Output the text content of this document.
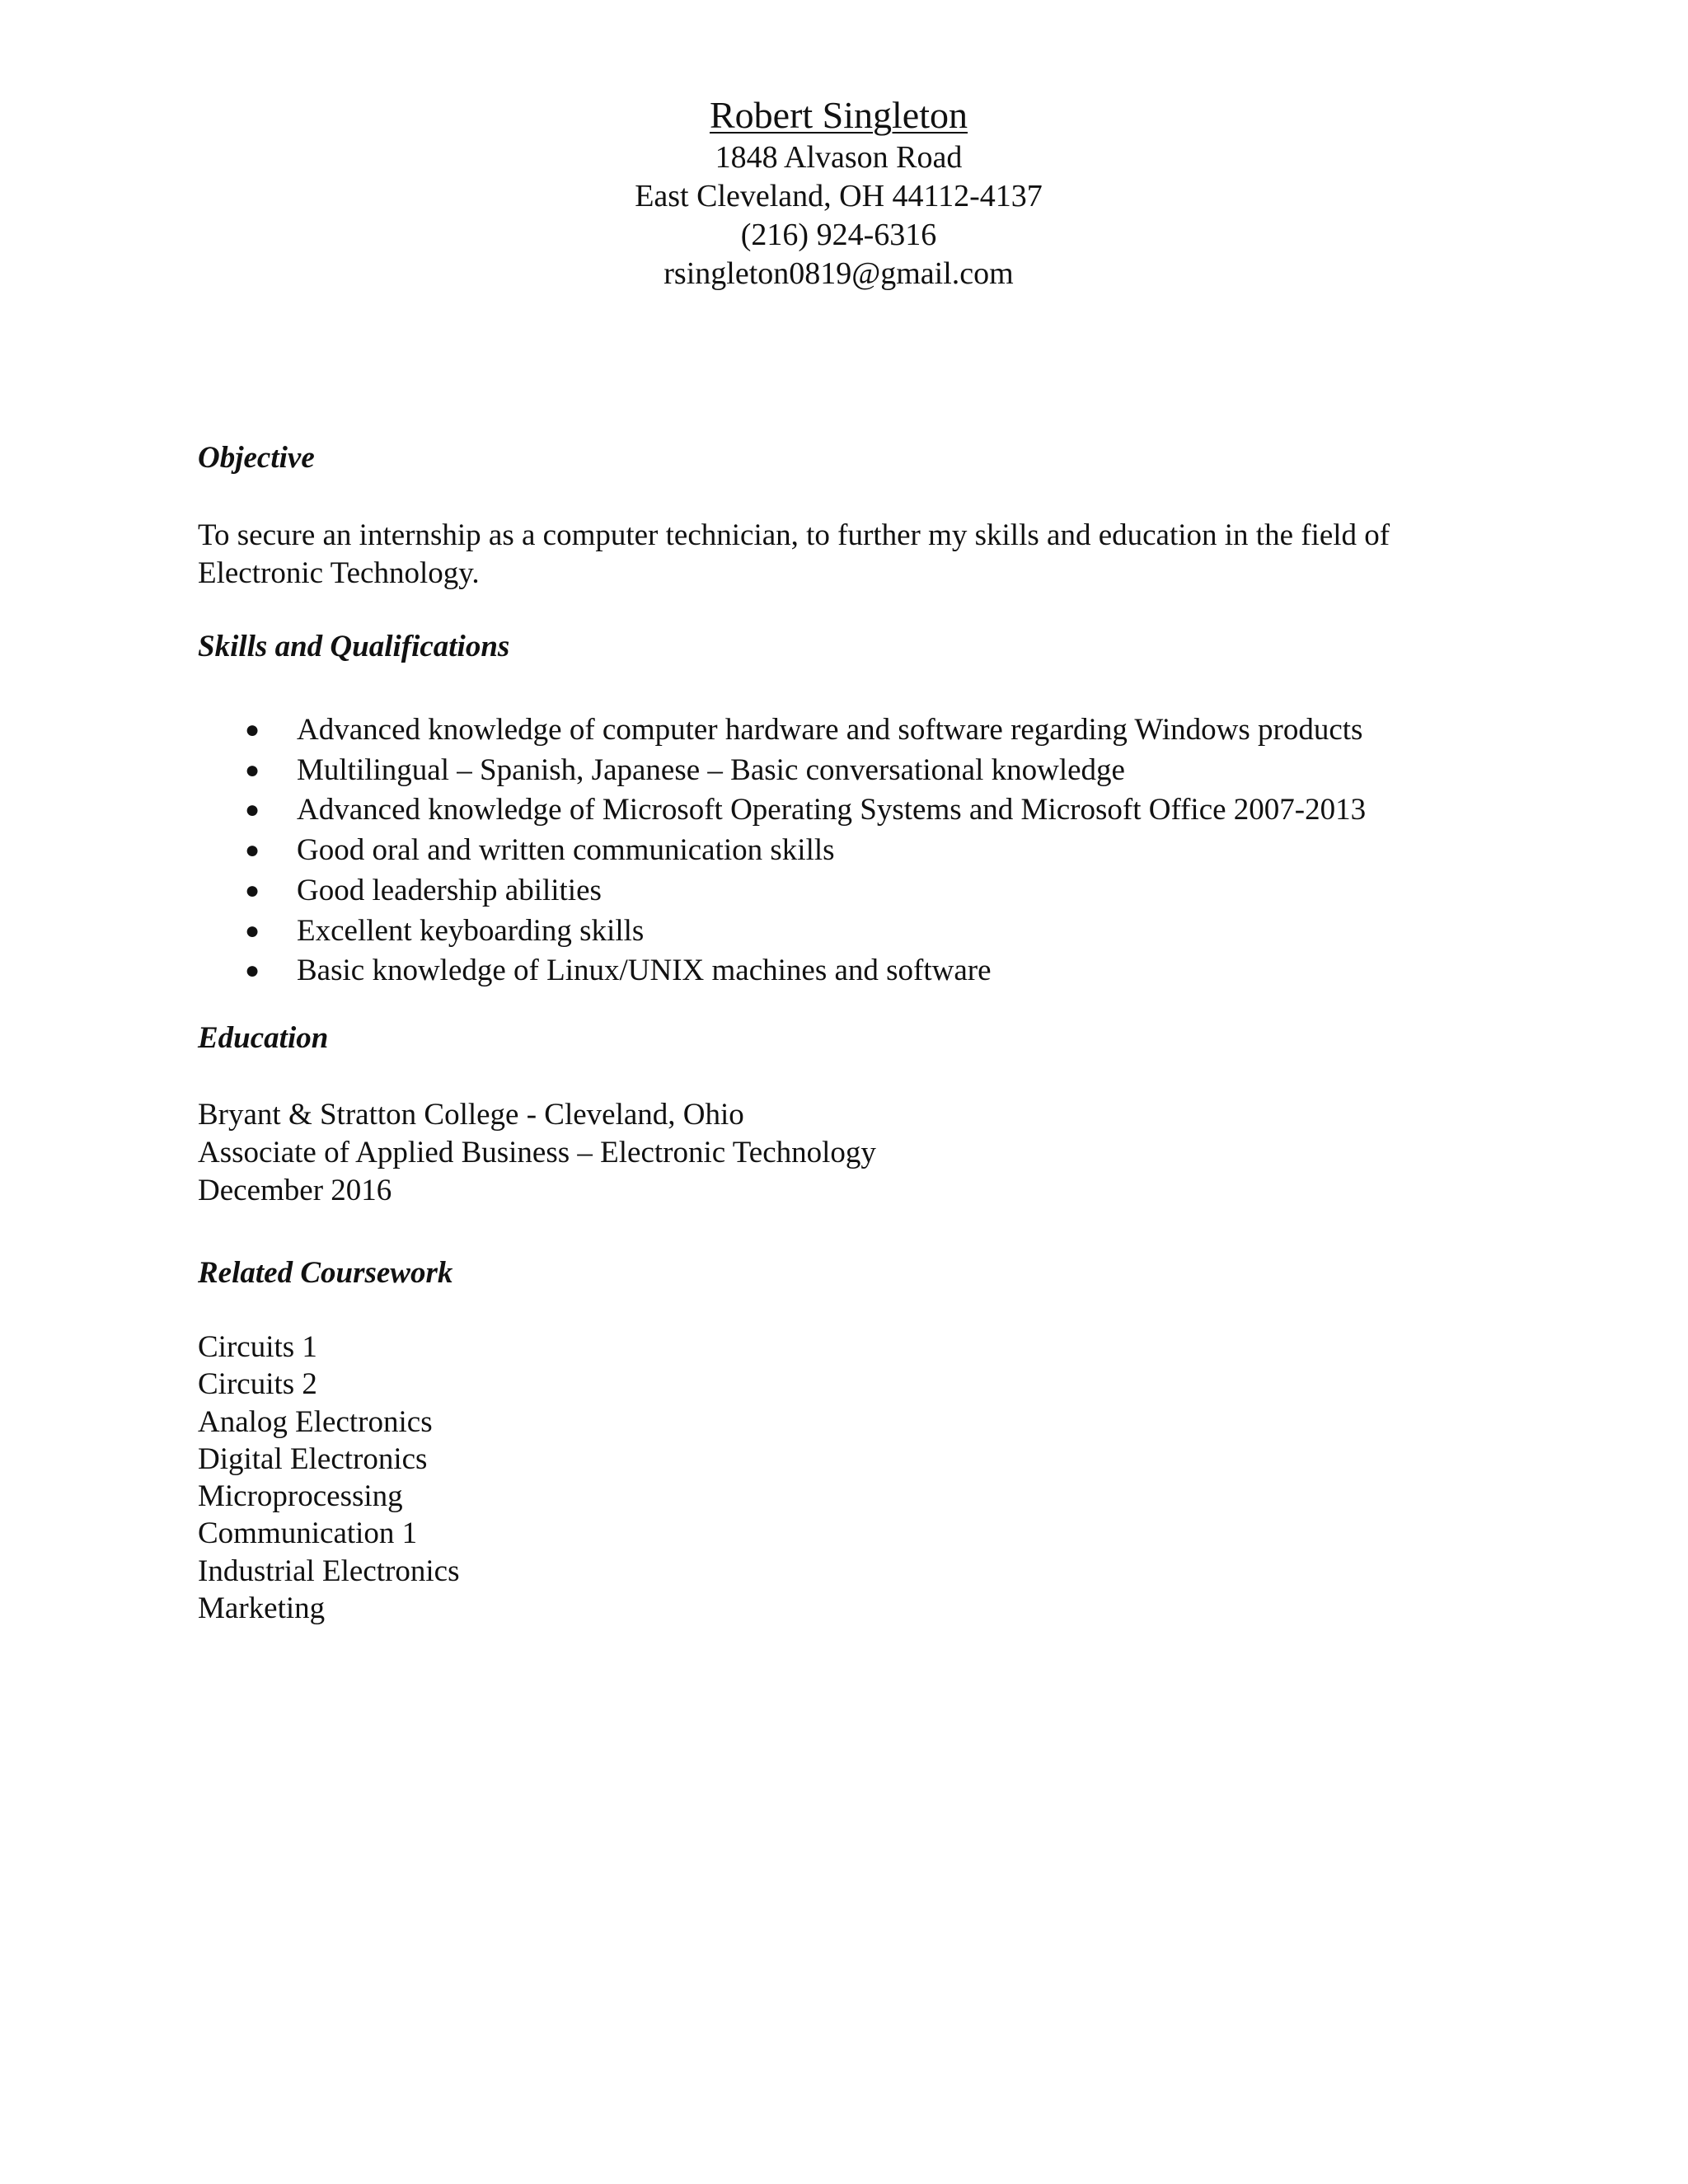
Robert Singleton
1848 Alvason Road
East Cleveland, OH 44112-4137
(216) 924-6316
rsingleton0819@gmail.com
Objective
To secure an internship as a computer technician, to further my skills and education in the field of Electronic Technology.
Skills and Qualifications
● Advanced knowledge of computer hardware and software regarding Windows products
● Multilingual – Spanish, Japanese – Basic conversational knowledge
● Advanced knowledge of Microsoft Operating Systems and Microsoft Office 2007-2013
● Good oral and written communication skills
● Good leadership abilities
● Excellent keyboarding skills
● Basic knowledge of Linux/UNIX machines and software
Education
Bryant & Stratton College - Cleveland, Ohio
Associate of Applied Business – Electronic Technology
December 2016
Related Coursework
Circuits 1
Circuits 2
Analog Electronics
Digital Electronics
Microprocessing
Communication 1
Industrial Electronics
Marketing
